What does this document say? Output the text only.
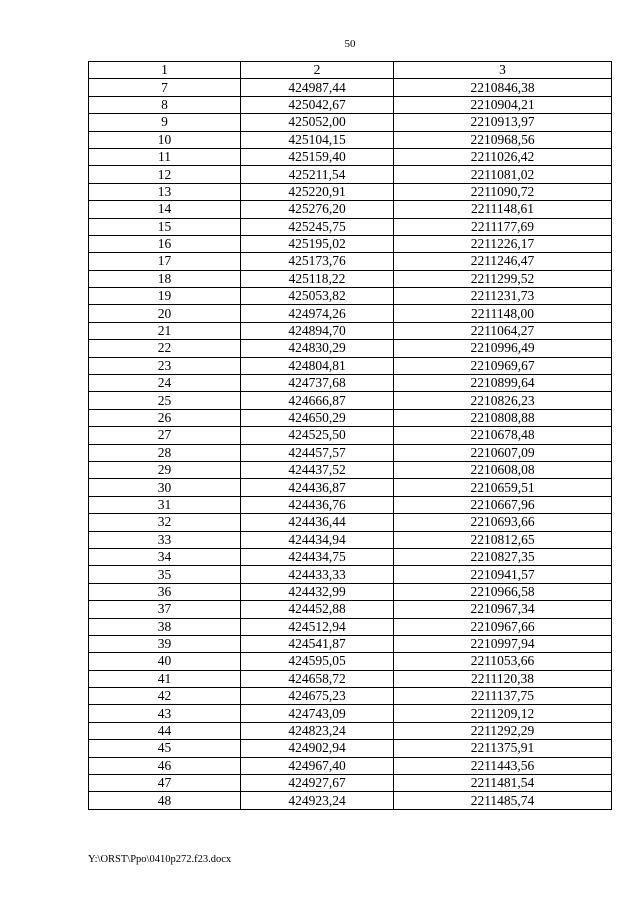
50
1	2	3
7	424987,44	2210846,38
8	425042,67	2210904,21
9	425052,00	2210913,97
10	425104,15	2210968,56
11	425159,40	2211026,42
12	425211,54	2211081,02
13	425220,91	2211090,72
14	425276,20	2211148,61
15	425245,75	2211177,69
16	425195,02	2211226,17
17	425173,76	2211246,47
18	425118,22	2211299,52
19	425053,82	2211231,73
20	424974,26	2211148,00
21	424894,70	2211064,27
22	424830,29	2210996,49
23	424804,81	2210969,67
24	424737,68	2210899,64
25	424666,87	2210826,23
26	424650,29	2210808,88
27	424525,50	2210678,48
28	424457,57	2210607,09
29	424437,52	2210608,08
30	424436,87	2210659,51
31	424436,76	2210667,96
32	424436,44	2210693,66
33	424434,94	2210812,65
34	424434,75	2210827,35
35	424433,33	2210941,57
36	424432,99	2210966,58
37	424452,88	2210967,34
38	424512,94	2210967,66
39	424541,87	2210997,94
40	424595,05	2211053,66
41	424658,72	2211120,38
42	424675,23	2211137,75
43	424743,09	2211209,12
44	424823,24	2211292,29
45	424902,94	2211375,91
46	424967,40	2211443,56
47	424927,67	2211481,54
48	424923,24	2211485,74
Y:\ORST\Ppo\0410p272.f23.docx
